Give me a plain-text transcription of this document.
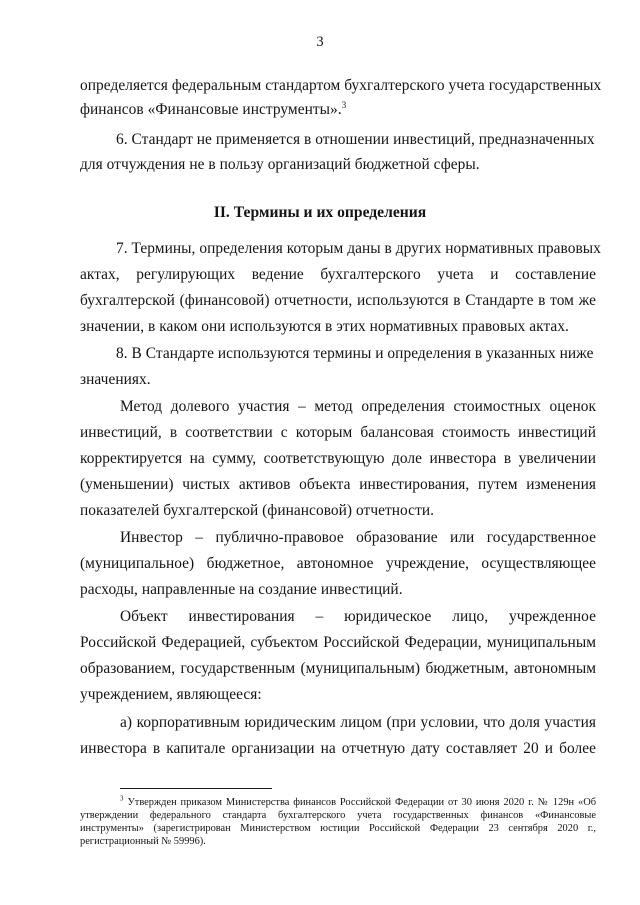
3
определяется федеральным стандартом бухгалтерского учета государственных
финансов «Финансовые инструменты».$^3$
6. Стандарт не применяется в отношении инвестиций, предназначенных
для отчуждения не в пользу организаций бюджетной сферы.
II. Термины и их определения
7. Термины, определения которым даны в других нормативных правовых
актах, регулирующих ведение бухгалтерского учета и составление
бухгалтерской (финансовой) отчетности, используются в Стандарте в том же
значении, в каком они используются в этих нормативных правовых актах.
8. В Стандарте используются термины и определения в указанных ниже
значениях.
Метод долевого участия – метод определения стоимостных оценок
инвестиций, в соответствии с которым балансовая стоимость инвестиций
корректируется на сумму, соответствующую доле инвестора в увеличении
(уменьшении) чистых активов объекта инвестирования, путем изменения
показателей бухгалтерской (финансовой) отчетности.
Инвестор – публично-правовое образование или государственное
(муниципальное) бюджетное, автономное учреждение, осуществляющее
расходы, направленные на создание инвестиций.
Объект инвестирования – юридическое лицо, учрежденное
Российской Федерацией, субъектом Российской Федерации, муниципальным
образованием, государственным (муниципальным) бюджетным, автономным
учреждением, являющееся:
а) корпоративным юридическим лицом (при условии, что доля участия
инвестора в капитале организации на отчетную дату составляет 20 и более
$^3$ Утвержден приказом Министерства финансов Российской Федерации от 30 июня 2020 г. № 129н «Об
утверждении федерального стандарта бухгалтерского учета государственных финансов «Финансовые
инструменты» (зарегистрирован Министерством юстиции Российской Федерации 23 сентября 2020 г.,
регистрационный № 59996).
